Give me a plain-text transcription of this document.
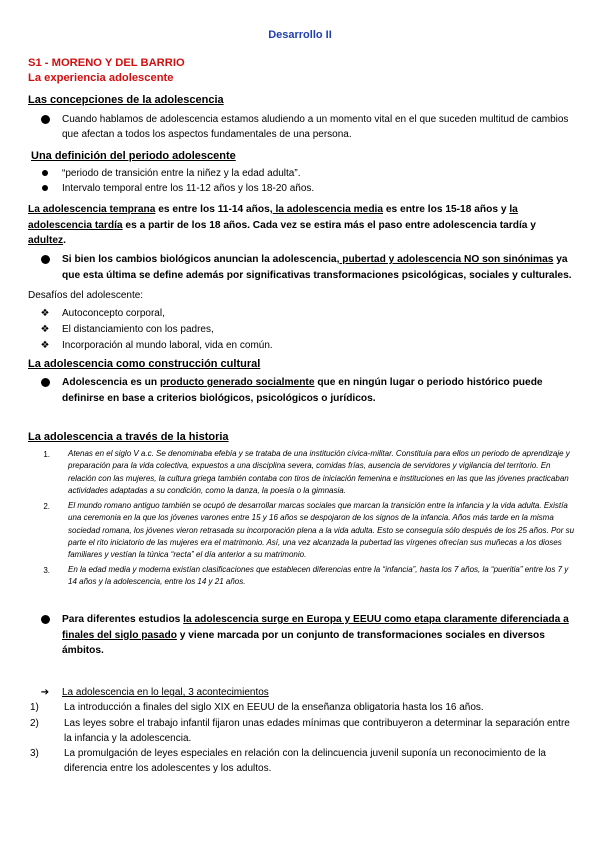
Desarrollo II
S1 - MORENO Y DEL BARRIO
La experiencia adolescente
Las concepciones de la adolescencia
Cuando hablamos de adolescencia estamos aludiendo a un momento vital en el que suceden multitud de cambios que afectan a todos los aspectos fundamentales de una persona.
Una definición del periodo adolescente
“periodo de transición entre la niñez y la edad adulta”.
Intervalo temporal entre los 11-12 años y los 18-20 años.
La adolescencia temprana es entre los 11-14 años, la adolescencia media es entre los 15-18 años y la adolescencia tardía es a partir de los 18 años. Cada vez se estira más el paso entre adolescencia tardía y adultez.
Si bien los cambios biológicos anuncian la adolescencia, pubertad y adolescencia NO son sinónimas ya que esta última se define además por significativas transformaciones psicológicas, sociales y culturales.
Desafíos del adolescente:
❖ Autoconcepto corporal,
❖ El distanciamiento con los padres,
❖ Incorporación al mundo laboral, vida en común.
La adolescencia como construcción cultural
Adolescencia es un producto generado socialmente que en ningún lugar o periodo histórico puede definirse en base a criterios biológicos, psicológicos o jurídicos.
La adolescencia a través de la historia
1.	Atenas en el siglo V a.c. Se denominaba efebía y se trataba de una institución cívica-militar. Constituía para ellos un periodo de aprendizaje y preparación para la vida colectiva, expuestos a una disciplina severa, comidas frías, ausencia de servidores y vigilancia del territorio. En relación con las mujeres, la cultura griega también contaba con tiros de iniciación femenina e instituciones en las que las jóvenes practicaban actividades adaptadas a su condición, como la danza, la poesía o la gimnasia.
2.	El mundo romano antiguo también se ocupó de desarrollar marcas sociales que marcan la transición entre la infancia y la vida adulta. Existía una ceremonia en la que los jóvenes varones entre 15 y 16 años se despojaron de los signos de la infancia. Años más tarde en la misma sociedad romana, los jóvenes vieron retrasada su incorporación plena a la vida adulta. Esto se conseguía sólo después de los 25 años. Por su parte el rito iniciatorio de las mujeres era el matrimonio. Así, una vez alcanzada la pubertad las vírgenes ofrecían sus muñecas a los dioses familiares y vestían la túnica “recta” el día anterior a su matrimonio.
3.	En la edad media y moderna existían clasificaciones que establecen diferencias entre la “infancia”, hasta los 7 años, la “pueritia” entre los 7 y 14 años y la adolescencia, entre los 14 y 21 años.
Para diferentes estudios la adolescencia surge en Europa y EEUU como etapa claramente diferenciada a finales del siglo pasado y viene marcada por un conjunto de transformaciones sociales en diversos ámbitos.
➔ La adolescencia en lo legal, 3 acontecimientos
1)	La introducción a finales del siglo XIX en EEUU de la enseñanza obligatoria hasta los 16 años.
2)	Las leyes sobre el trabajo infantil fijaron unas edades mínimas que contribuyeron a determinar la separación entre la infancia y la adolescencia.
3)	La promulgación de leyes especiales en relación con la delincuencia juvenil suponía un reconocimiento de la diferencia entre los adolescentes y los adultos.
